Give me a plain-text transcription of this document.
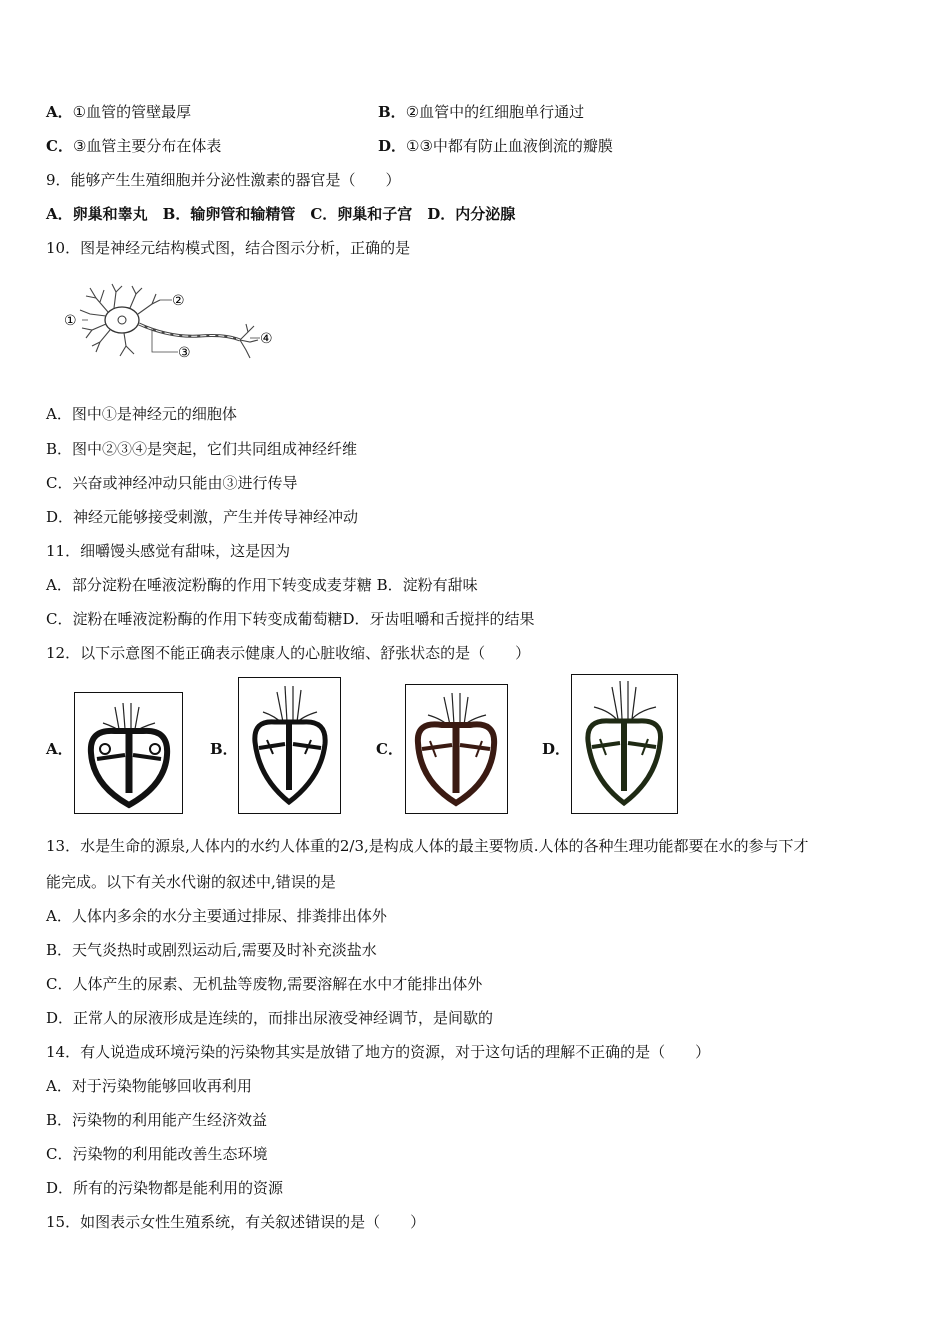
A．①血管的管壁最厚	B．②血管中的红细胞单行通过
C．③血管主要分布在体表	D．①③中都有防止血液倒流的瓣膜
9．能够产生生殖细胞并分泌性激素的器官是（　　）
A．卵巢和睾丸　B．输卵管和输精管　C．卵巢和子宫　D．内分泌腺
10．图是神经元结构模式图，结合图示分析，正确的是
①
②
③
④
A．图中①是神经元的细胞体
B．图中②③④是突起，它们共同组成神经纤维
C．兴奋或神经冲动只能由③进行传导
D．神经元能够接受刺激，产生并传导神经冲动
11．细嚼馒头感觉有甜味，这是因为
A．部分淀粉在唾液淀粉酶的作用下转变成麦芽糖 B．淀粉有甜味
C．淀粉在唾液淀粉酶的作用下转变成葡萄糖D．牙齿咀嚼和舌搅拌的结果
12．以下示意图不能正确表示健康人的心脏收缩、舒张状态的是（　　）
A．	B．	C．	D．
13．水是生命的源泉,人体内的水约人体重的2/3,是构成人体的最主要物质.人体的各种生理功能都要在水的参与下才
能完成。以下有关水代谢的叙述中,错误的是
A．人体内多余的水分主要通过排尿、排粪排出体外
B．天气炎热时或剧烈运动后,需要及时补充淡盐水
C．人体产生的尿素、无机盐等废物,需要溶解在水中才能排出体外
D．正常人的尿液形成是连续的，而排出尿液受神经调节，是间歇的
14．有人说造成环境污染的污染物其实是放错了地方的资源，对于这句话的理解不正确的是（　　）
A．对于污染物能够回收再利用
B．污染物的利用能产生经济效益
C．污染物的利用能改善生态环境
D．所有的污染物都是能利用的资源
15．如图表示女性生殖系统，有关叙述错误的是（　　）
